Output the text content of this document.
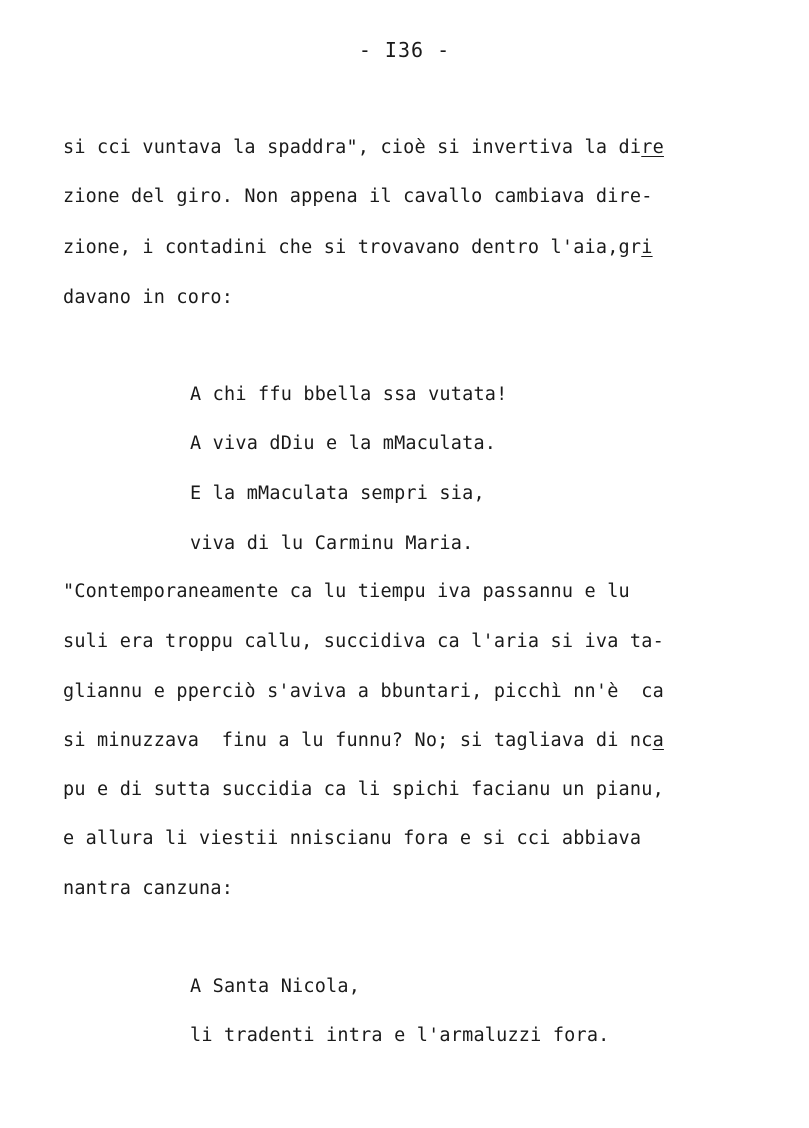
- I36 -
si cci vuntava la spaddra", cioè si invertiva la dire
zione del giro. Non appena il cavallo cambiava dire-
zione, i contadini che si trovavano dentro l'aia,gri
davano in coro:
A chi ffu bbella ssa vutata!
A viva dDiu e la mMaculata.
E la mMaculata sempri sia,
viva di lu Carminu Maria.
"Contemporaneamente ca lu tiempu iva passannu e lu
suli era troppu callu, succidiva ca l'aria si iva ta-
gliannu e pperciò s'aviva a bbuntari, picchì nn'è  ca
si minuzzava  finu a lu funnu? No; si tagliava di nca
pu e di sutta succidia ca li spichi facianu un pianu,
e allura li viestii nniscianu fora e si cci abbiava
nantra canzuna:
A Santa Nicola,
li tradenti intra e l'armaluzzi fora.
